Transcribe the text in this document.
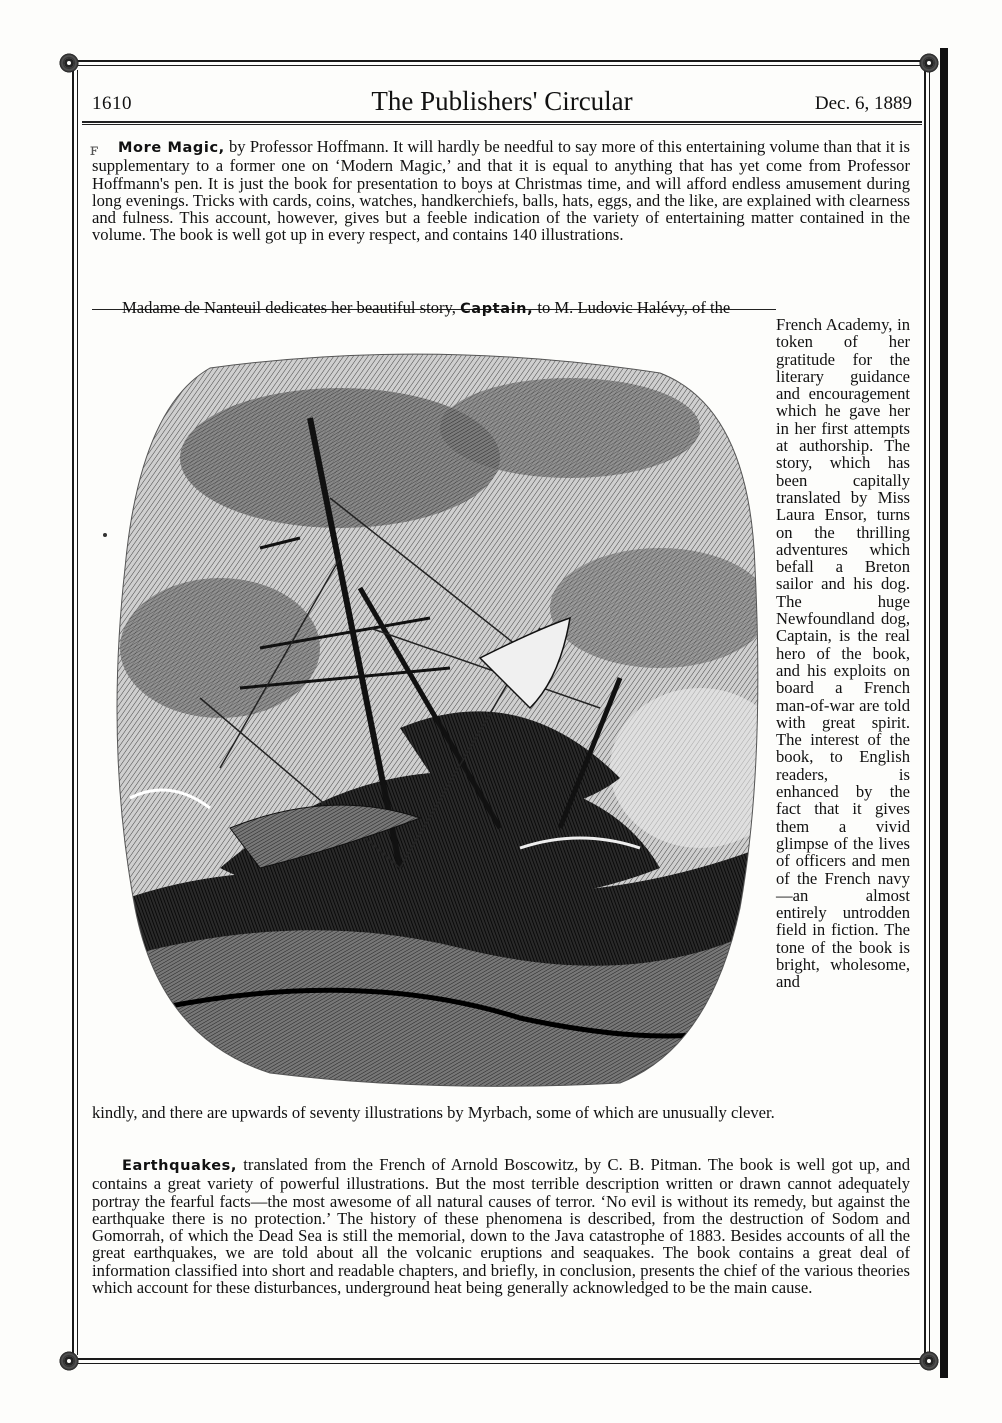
1610	The Publishers' Circular	Dec. 6, 1889
ꜰ	More Magic, by Professor Hoffmann. It will hardly be needful to say more of this entertaining volume than that it is supplementary to a former one on ‘Modern Magic,’ and that it is equal to anything that has yet come from Professor Hoffmann's pen. It is just the book for presentation to boys at Christmas time, and will afford endless amusement during long evenings. Tricks with cards, coins, watches, handkerchiefs, balls, hats, eggs, and the like, are explained with clearness and fulness. This account, however, gives but a feeble indication of the variety of entertaining matter contained in the volume. The book is well got up in every respect, and contains 140 illustrations.

Madame de Nanteuil dedicates her beautiful story, Captain, to M. Ludovic Halévy, of the

French Academy, in token of her gratitude for the literary guidance and encouragement which he gave her in her first attempts at authorship. The story, which has been capitally translated by Miss Laura Ensor, turns on the thrilling adventures which befall a Breton sailor and his dog. The huge Newfoundland dog, Captain, is the real hero of the book, and his exploits on board a French man-of-war are told with great spirit. The interest of the book, to English readers, is enhanced by the fact that it gives them a vivid glimpse of the lives of officers and men of the French navy—an almost entirely untrodden field in fiction. The tone of the book is bright, wholesome, and

kindly, and there are upwards of seventy illustrations by Myrbach, some of which are unusually clever.

Earthquakes, translated from the French of Arnold Boscowitz, by C. B. Pitman. The book is well got up, and contains a great variety of powerful illustrations. But the most terrible description written or drawn cannot adequately portray the fearful facts—the most awesome of all natural causes of terror. ‘No evil is without its remedy, but against the earthquake there is no protection.’ The history of these phenomena is described, from the destruction of Sodom and Gomorrah, of which the Dead Sea is still the memorial, down to the Java catastrophe of 1883. Besides accounts of all the great earthquakes, we are told about all the volcanic eruptions and seaquakes. The book contains a great deal of information classified into short and readable chapters, and briefly, in conclusion, presents the chief of the various theories which account for these disturbances, underground heat being generally acknowledged to be the main cause.
